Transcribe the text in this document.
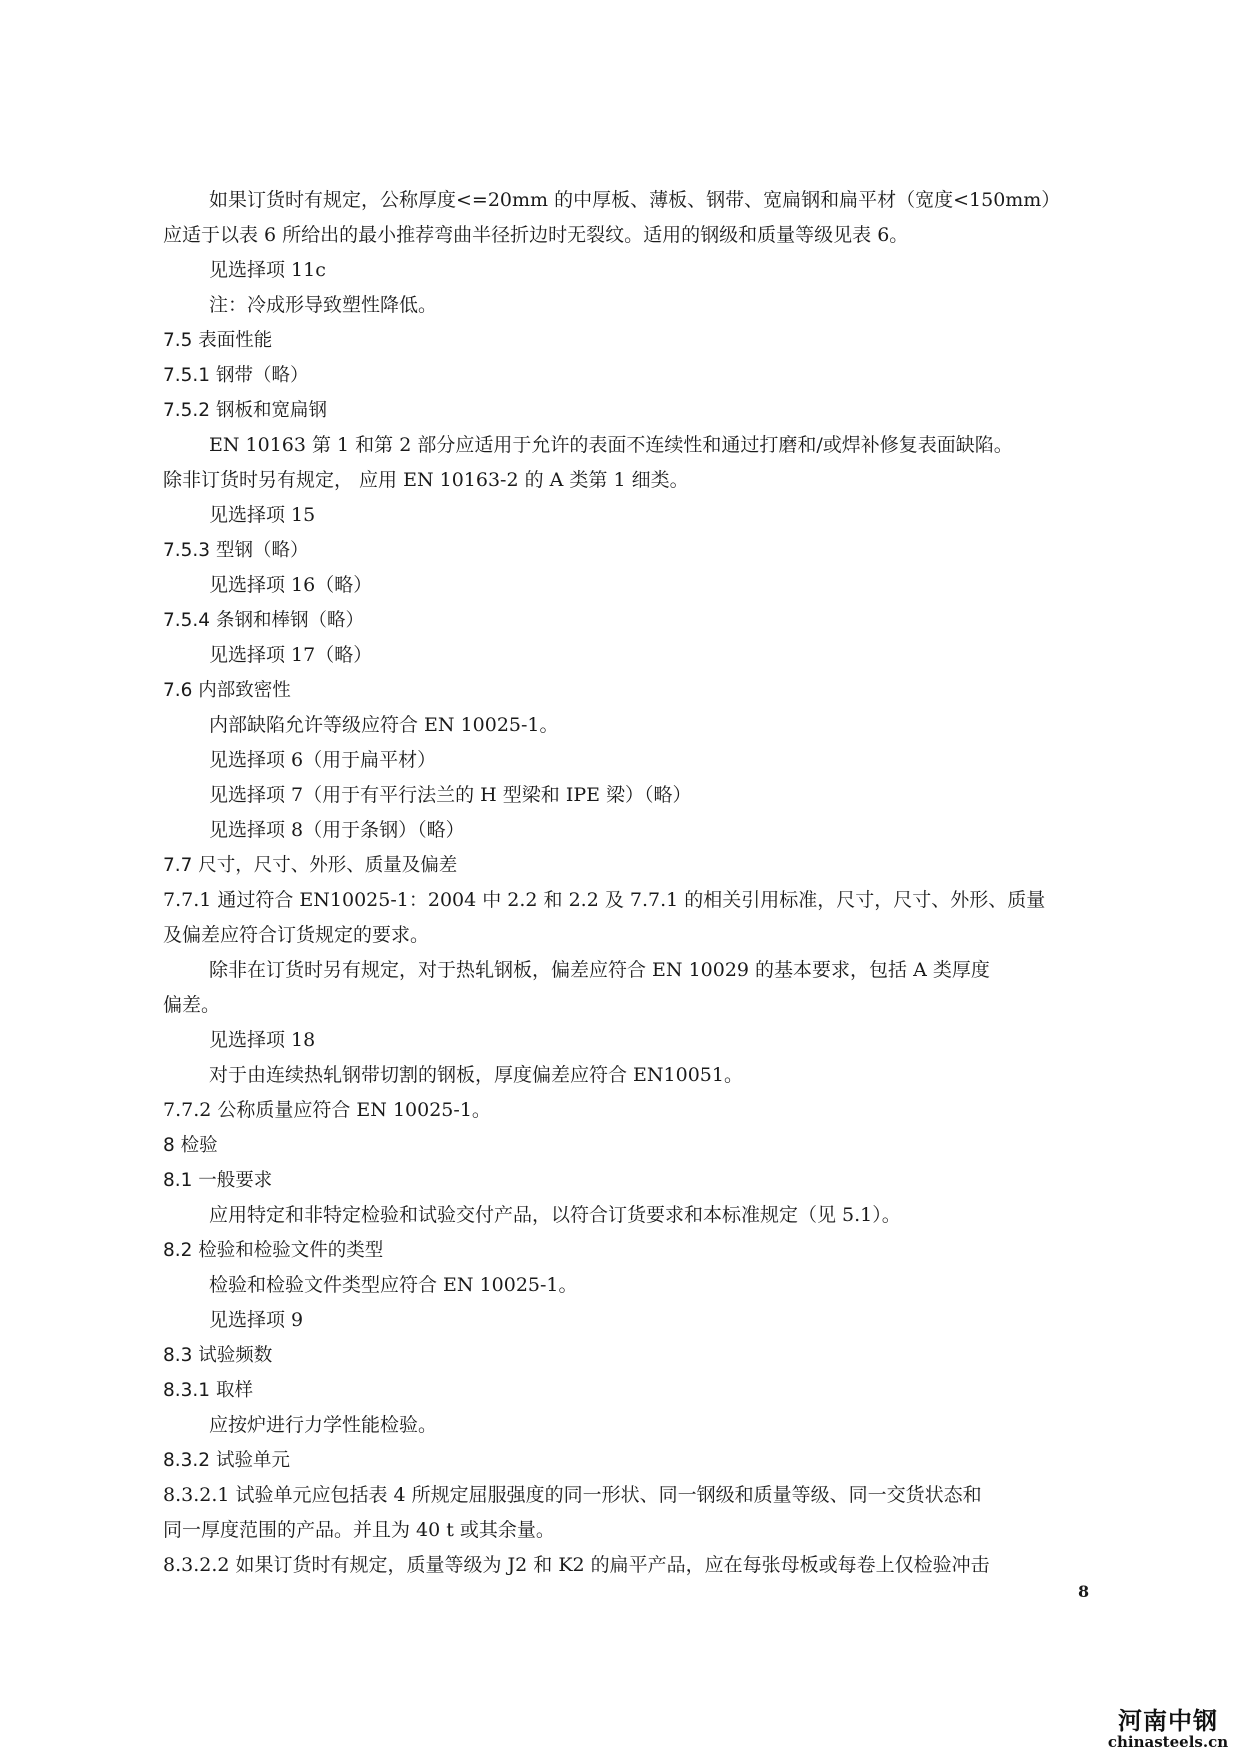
如果订货时有规定，公称厚度<=20mm 的中厚板、薄板、钢带、宽扁钢和扁平材（宽度<150mm）
应适于以表 6 所给出的最小推荐弯曲半径折边时无裂纹。适用的钢级和质量等级见表 6。
见选择项 11c
注：冷成形导致塑性降低。
7.5 表面性能
7.5.1 钢带（略）
7.5.2 钢板和宽扁钢
EN 10163 第 1 和第 2 部分应适用于允许的表面不连续性和通过打磨和/或焊补修复表面缺陷。
除非订货时另有规定， 应用 EN 10163-2 的 A 类第 1 细类。
见选择项 15
7.5.3 型钢（略）
见选择项 16（略）
7.5.4 条钢和棒钢（略）
见选择项 17（略）
7.6 内部致密性
内部缺陷允许等级应符合 EN 10025-1。
见选择项 6（用于扁平材）
见选择项 7（用于有平行法兰的 H 型梁和 IPE 梁）（略）
见选择项 8（用于条钢）（略）
7.7 尺寸，尺寸、外形、质量及偏差
7.7.1 通过符合 EN10025-1：2004 中 2.2 和 2.2 及 7.7.1 的相关引用标准，尺寸，尺寸、外形、质量
及偏差应符合订货规定的要求。
除非在订货时另有规定，对于热轧钢板，偏差应符合 EN 10029 的基本要求，包括 A 类厚度
偏差。
见选择项 18
对于由连续热轧钢带切割的钢板，厚度偏差应符合 EN10051。
7.7.2 公称质量应符合 EN 10025-1。
8 检验
8.1 一般要求
应用特定和非特定检验和试验交付产品，以符合订货要求和本标准规定（见 5.1）。
8.2 检验和检验文件的类型
检验和检验文件类型应符合 EN 10025-1。
见选择项 9
8.3 试验频数
8.3.1 取样
应按炉进行力学性能检验。
8.3.2 试验单元
8.3.2.1 试验单元应包括表 4 所规定屈服强度的同一形状、同一钢级和质量等级、同一交货状态和
同一厚度范围的产品。并且为 40 t 或其余量。
8.3.2.2 如果订货时有规定，质量等级为 J2 和 K2 的扁平产品，应在每张母板或每卷上仅检验冲击
8
河南中钢
chinasteels.cn
